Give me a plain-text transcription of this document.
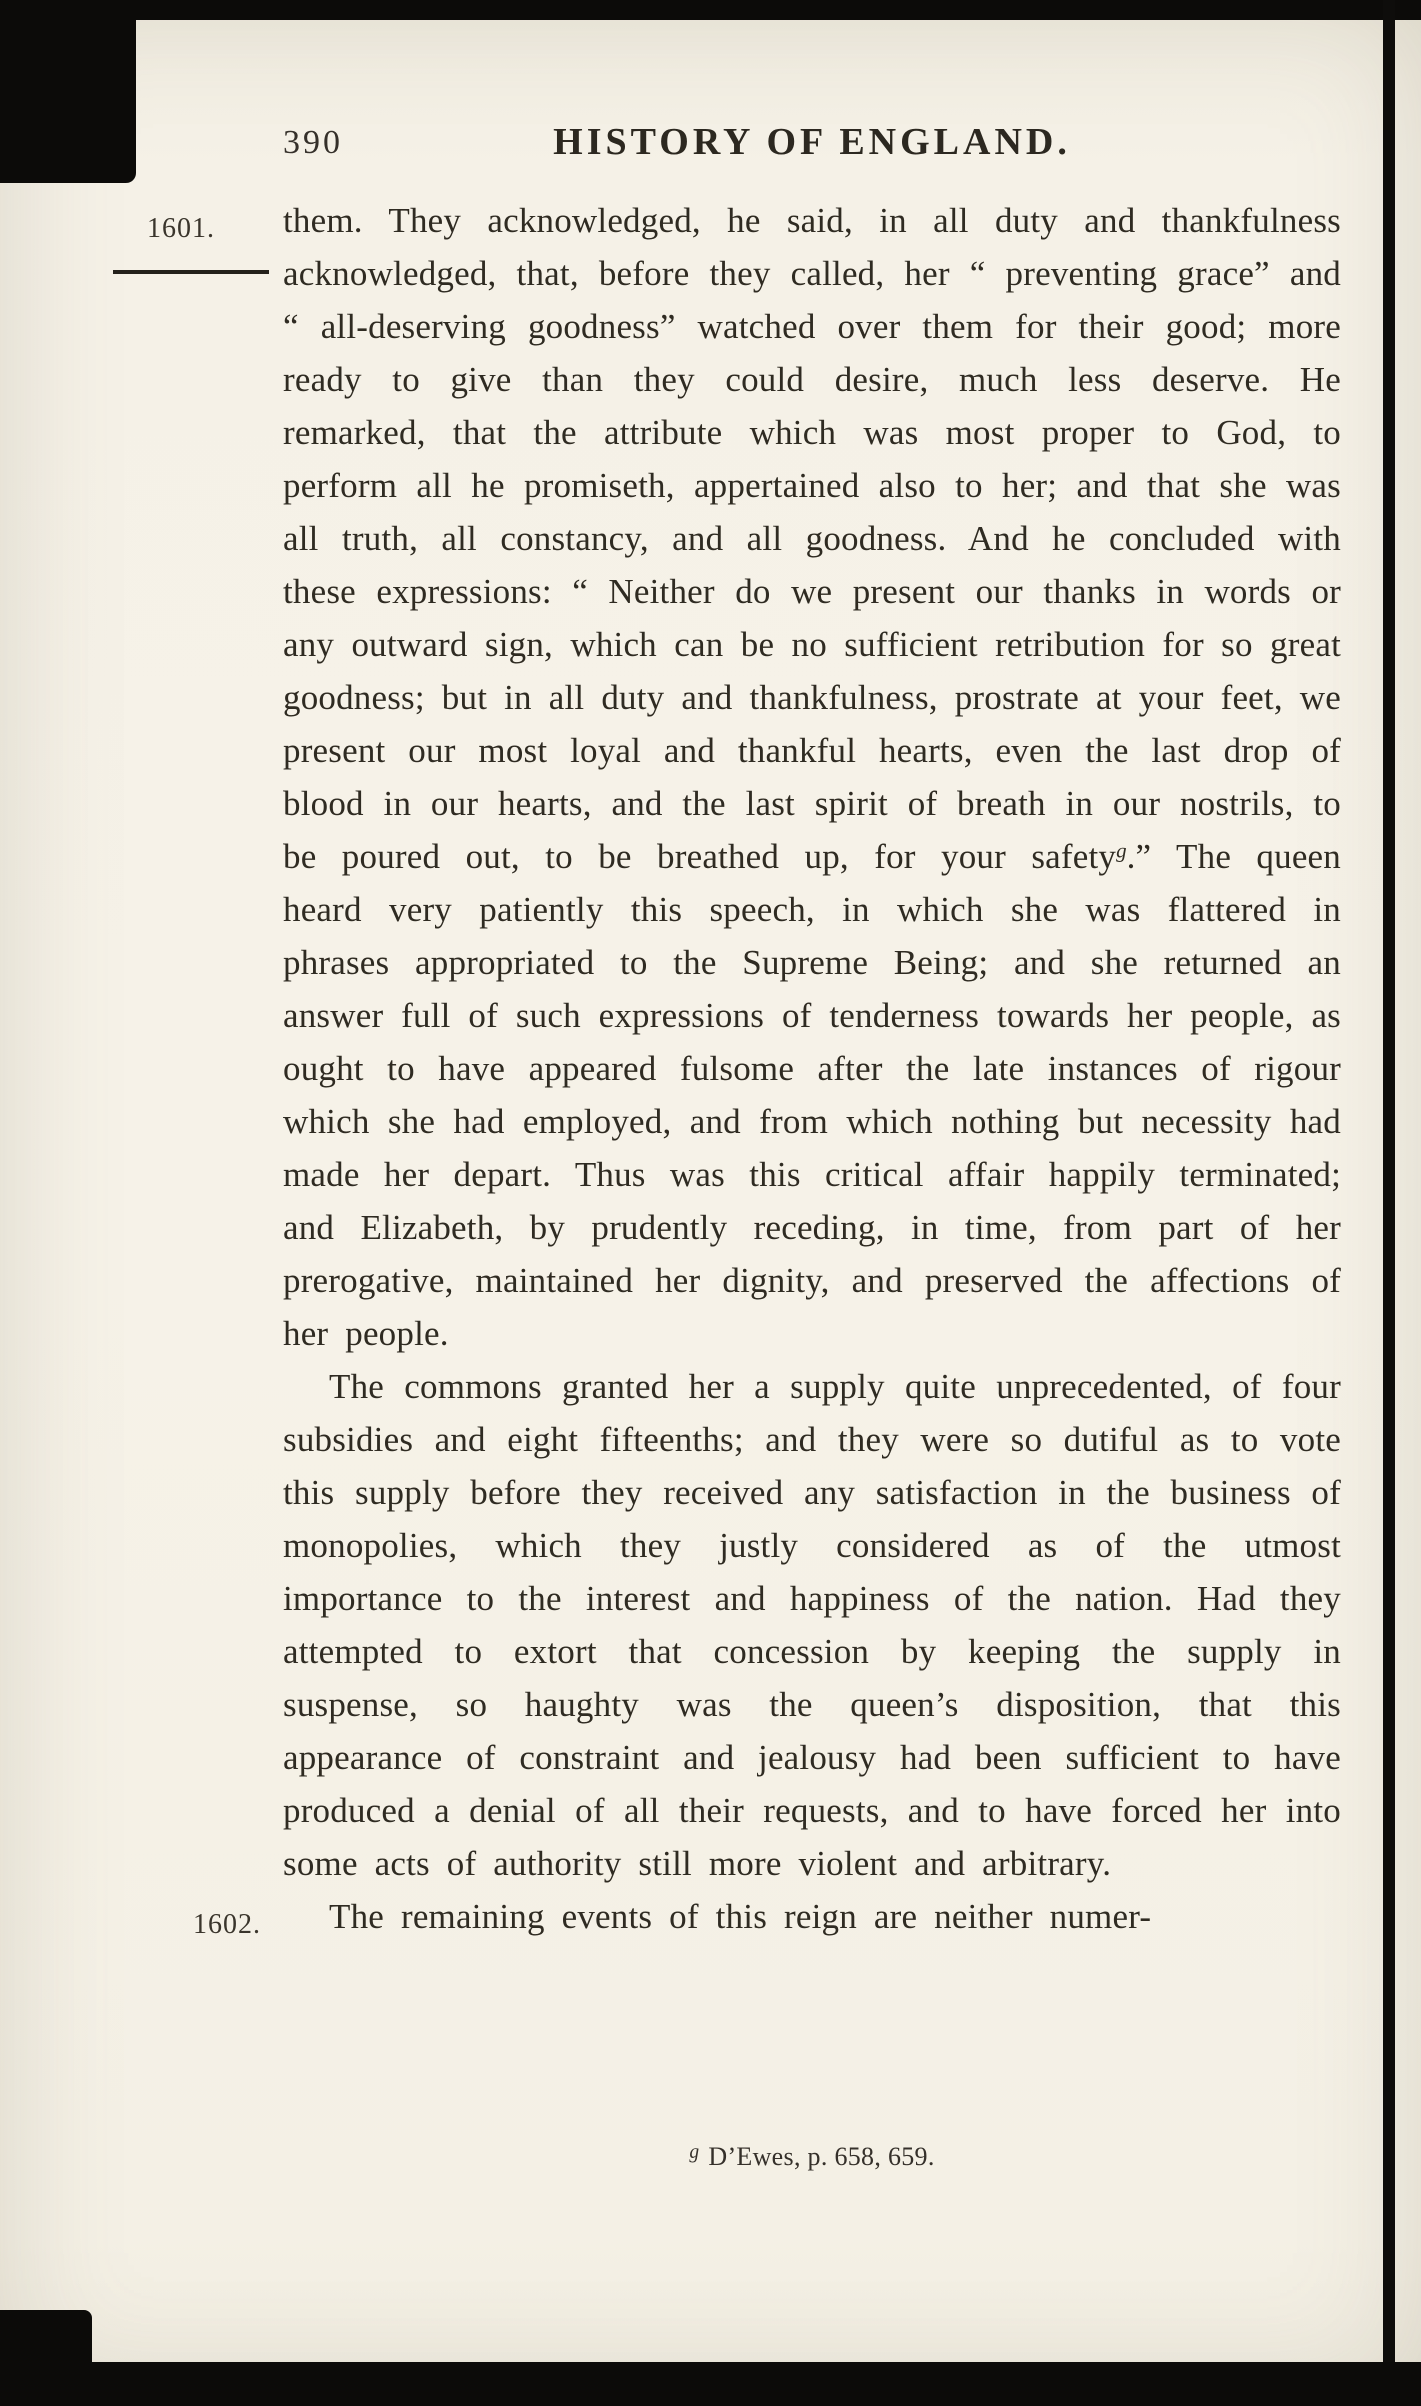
390	HISTORY OF ENGLAND.

1601. them. They acknowledged, he said, in all duty and thankfulness acknowledged, that, before they called, her “ preventing grace” and “ all-deserving goodness” watched over them for their good; more ready to give than they could desire, much less deserve. He remarked, that the attribute which was most proper to God, to perform all he promiseth, appertained also to her; and that she was all truth, all constancy, and all goodness. And he concluded with these expressions: “ Neither do we present our thanks in words or any outward sign, which can be no sufficient retribution for so great goodness; but in all duty and thankfulness, prostrate at your feet, we present our most loyal and thankful hearts, even the last drop of blood in our hearts, and the last spirit of breath in our nostrils, to be poured out, to be breathed up, for your safety$^g$.” The queen heard very patiently this speech, in which she was flattered in phrases appropriated to the Supreme Being; and she returned an answer full of such expressions of tenderness towards her people, as ought to have appeared fulsome after the late instances of rigour which she had employed, and from which nothing but necessity had made her depart. Thus was this critical affair happily terminated; and Elizabeth, by prudently receding, in time, from part of her prerogative, maintained her dignity, and preserved the affections of her people.

The commons granted her a supply quite unprecedented, of four subsidies and eight fifteenths; and they were so dutiful as to vote this supply before they received any satisfaction in the business of monopolies, which they justly considered as of the utmost importance to the interest and happiness of the nation. Had they attempted to extort that concession by keeping the supply in suspense, so haughty was the queen’s disposition, that this appearance of constraint and jealousy had been sufficient to have produced a denial of all their requests, and to have forced her into some acts of authority still more violent and arbitrary.

1602. The remaining events of this reign are neither numer-

$^g$ D’Ewes, p. 658, 659.
